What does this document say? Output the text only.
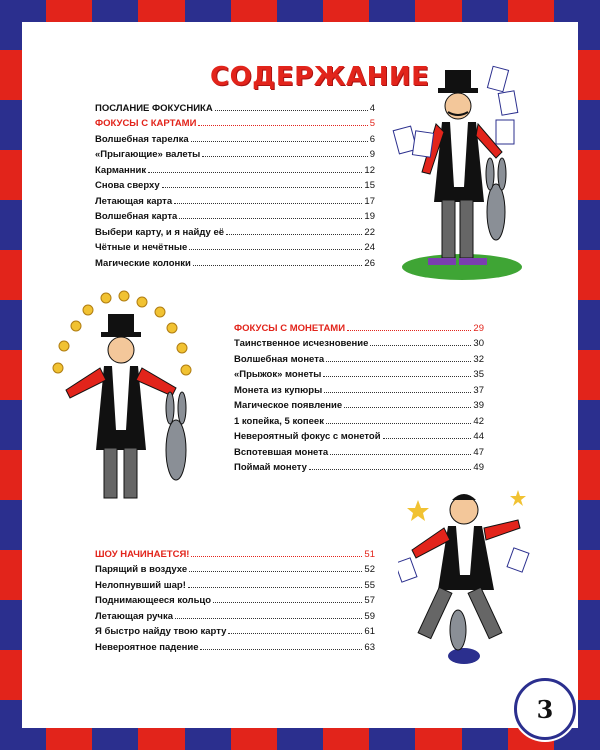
СОДЕРЖАНИЕ
ПОСЛАНИЕ ФОКУСНИКА	4
ФОКУСЫ С КАРТАМИ	5
Волшебная тарелка	6
«Прыгающие» валеты	9
Карманник	12
Снова сверху	15
Летающая карта	17
Волшебная карта	19
Выбери карту, и я найду её	22
Чётные и нечётные	24
Магические колонки	26
ФОКУСЫ С МОНЕТАМИ	29
Таинственное исчезновение	30
Волшебная монета	32
«Прыжок» монеты	35
Монета из купюры	37
Магическое появление	39
1 копейка, 5 копеек	42
Невероятный фокус с монетой	44
Вспотевшая монета	47
Поймай монету	49
ШОУ НАЧИНАЕТСЯ!	51
Парящий в воздухе	52
Нелопнувший шар!	55
Поднимающееся кольцо	57
Летающая ручка	59
Я быстро найду твою карту	61
Невероятное падение	63
3
